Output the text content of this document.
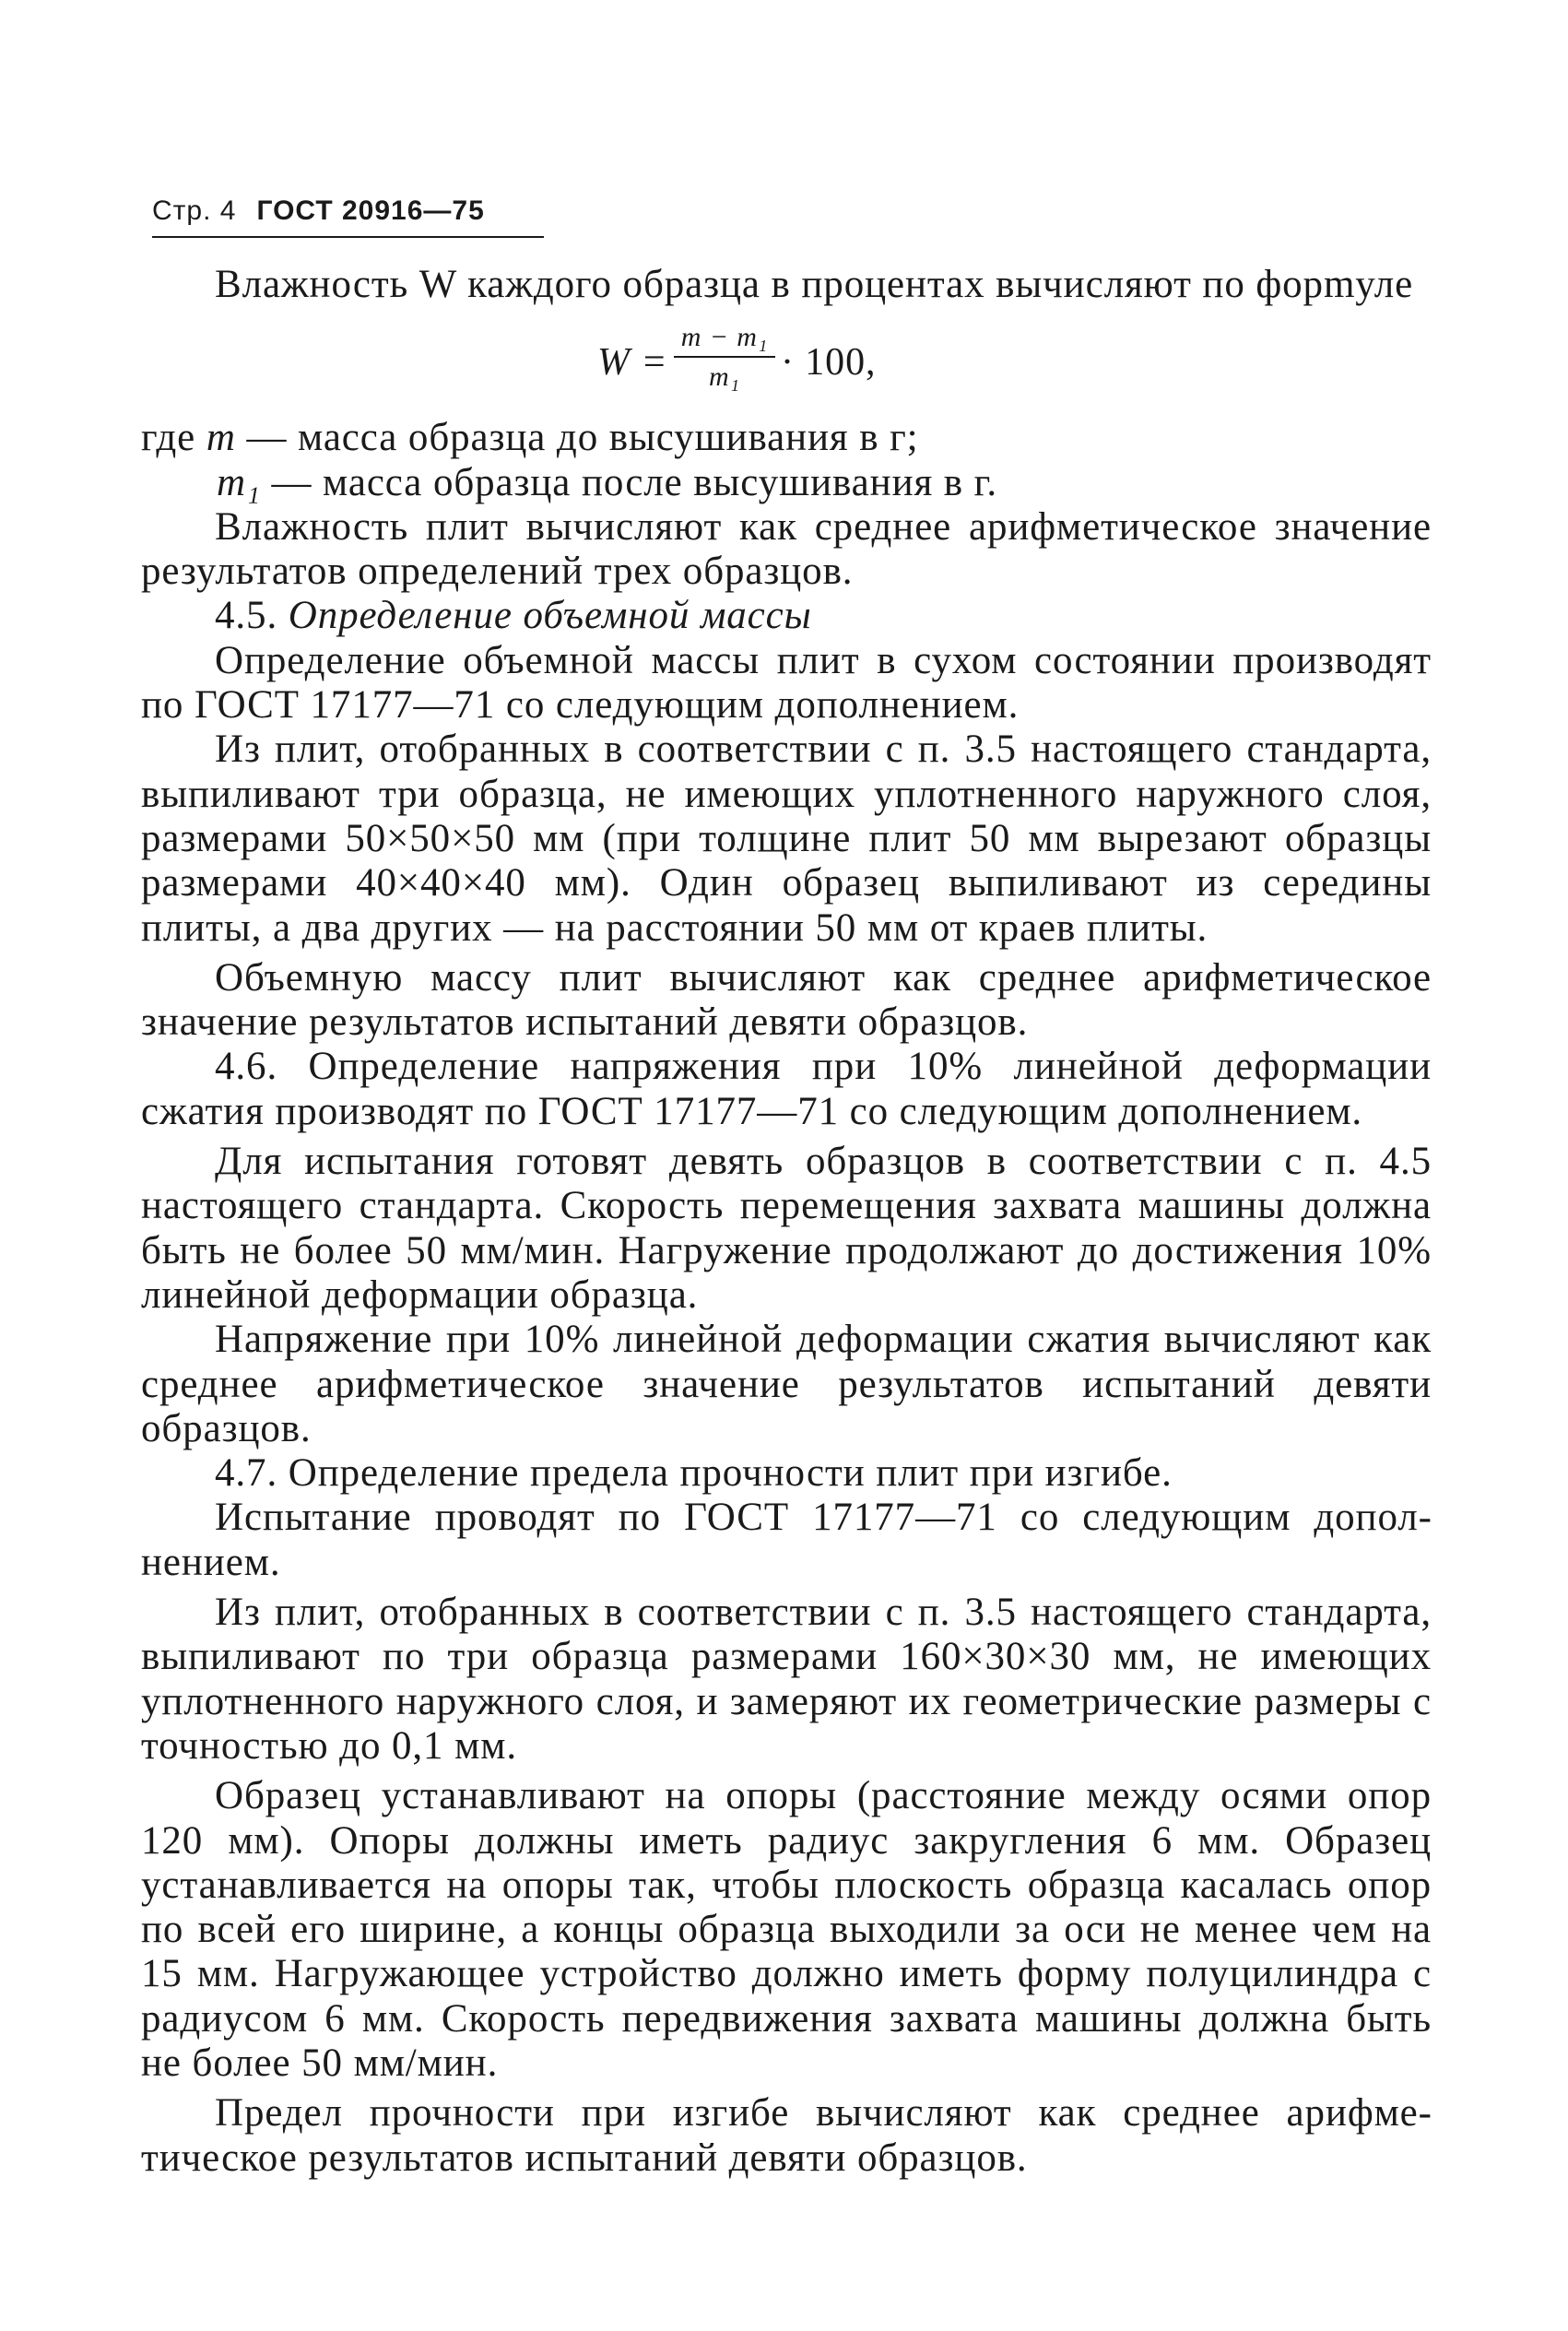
Стр. 4 ГОСТ 20916—75

Влажность W каждого образца в процентах вычисляют по форmуле

W =
m − m₁
m₁	· 100,

где m — масса образца до высушивания в г;

m₁ — масса образца после высушивания в г.

Влажность плит вычисляют как среднее арифметическое значение результатов определений трех образцов.

4.5. Определение объемной массы

Определение объемной массы плит в сухом состоянии производят по ГОСТ 17177—71 со следующим дополнением.

Из плит, отобранных в соответствии с п. 3.5 настоящего стандарта, выпиливают три образца, не имеющих уплотненного наружного слоя, размерами 50×50×50 мм (при толщине плит 50 мм вырезают образцы размерами 40×40×40 мм). Один образец выпиливают из середины плиты, а два других — на расстоянии 50 мм от краев плиты.

Объемную массу плит вычисляют как среднее арифметическое значение результатов испытаний девяти образцов.

4.6. Определение напряжения при 10% линейной деформации сжатия производят по ГОСТ 17177—71 со следующим дополнением.

Для испытания готовят девять образцов в соответствии с п. 4.5 настоящего стандарта. Скорость перемещения захвата машины должна быть не более 50 мм/мин. Нагружение продолжают до достижения 10% линейной деформации образца.

Напряжение при 10% линейной деформации сжатия вычисляют как среднее арифметическое значение результатов испытаний девяти образцов.

4.7. Определение предела прочности плит при изгибе.

Испытание проводят по ГОСТ 17177—71 со следующим дополнением.

Из плит, отобранных в соответствии с п. 3.5 настоящего стандарта, выпиливают по три образца размерами 160×30×30 мм, не имеющих уплотненного наружного слоя, и замеряют их геометрические размеры с точностью до 0,1 мм.

Образец устанавливают на опоры (расстояние между осями опор 120 мм). Опоры должны иметь радиус закругления 6 мм. Образец устанавливается на опоры так, чтобы плоскость образца касалась опор по всей его ширине, а концы образца выходили за оси не менее чем на 15 мм. Нагружающее устройство должно иметь форму полуцилиндра с радиусом 6 мм. Скорость передвижения захвата машины должна быть не более 50 мм/мин.

Предел прочности при изгибе вычисляют как среднее арифметическое результатов испытаний девяти образцов.
